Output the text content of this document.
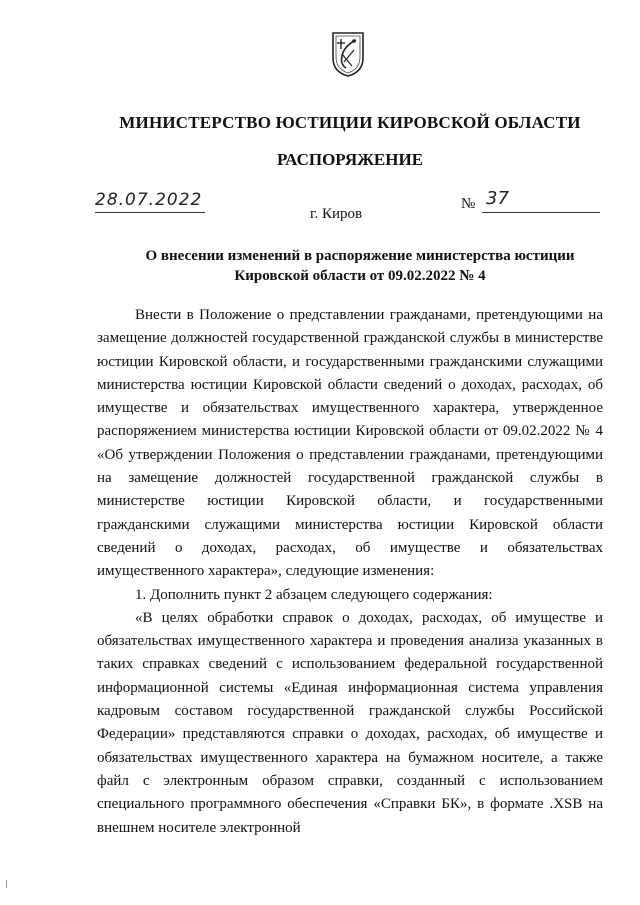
МИНИСТЕРСТВО ЮСТИЦИИ КИРОВСКОЙ ОБЛАСТИ
РАСПОРЯЖЕНИЕ
28.07.2022	№ 37
г. Киров
О внесении изменений в распоряжение министерства юстиции
Кировской области от 09.02.2022 № 4

Внести в Положение о представлении гражданами, претендующими на замещение должностей государственной гражданской службы в министерстве юстиции Кировской области, и государственными гражданскими служащими министерства юстиции Кировской области сведений о доходах, расходах, об имуществе и обязательствах имущественного характера, утвержденное распоряжением министерства юстиции Кировской области от 09.02.2022 № 4 «Об утверждении Положения о представлении гражданами, претендующими на замещение должностей государственной гражданской службы в министерстве юстиции Кировской области, и государственными гражданскими служащими министерства юстиции Кировской области сведений о доходах, расходах, об имуществе и обязательствах имущественного характера», следующие изменения:

1. Дополнить пункт 2 абзацем следующего содержания:

«В целях обработки справок о доходах, расходах, об имуществе и обязательствах имущественного характера и проведения анализа указанных в таких справках сведений с использованием федеральной государственной информационной системы «Единая информационная система управления кадровым составом государственной гражданской службы Российской Федерации» представляются справки о доходах, расходах, об имуществе и обязательствах имущественного характера на бумажном носителе, а также файл с электронным образом справки, созданный с использованием специального программного обеспечения «Справки БК», в формате .XSB на внешнем носителе электронной
